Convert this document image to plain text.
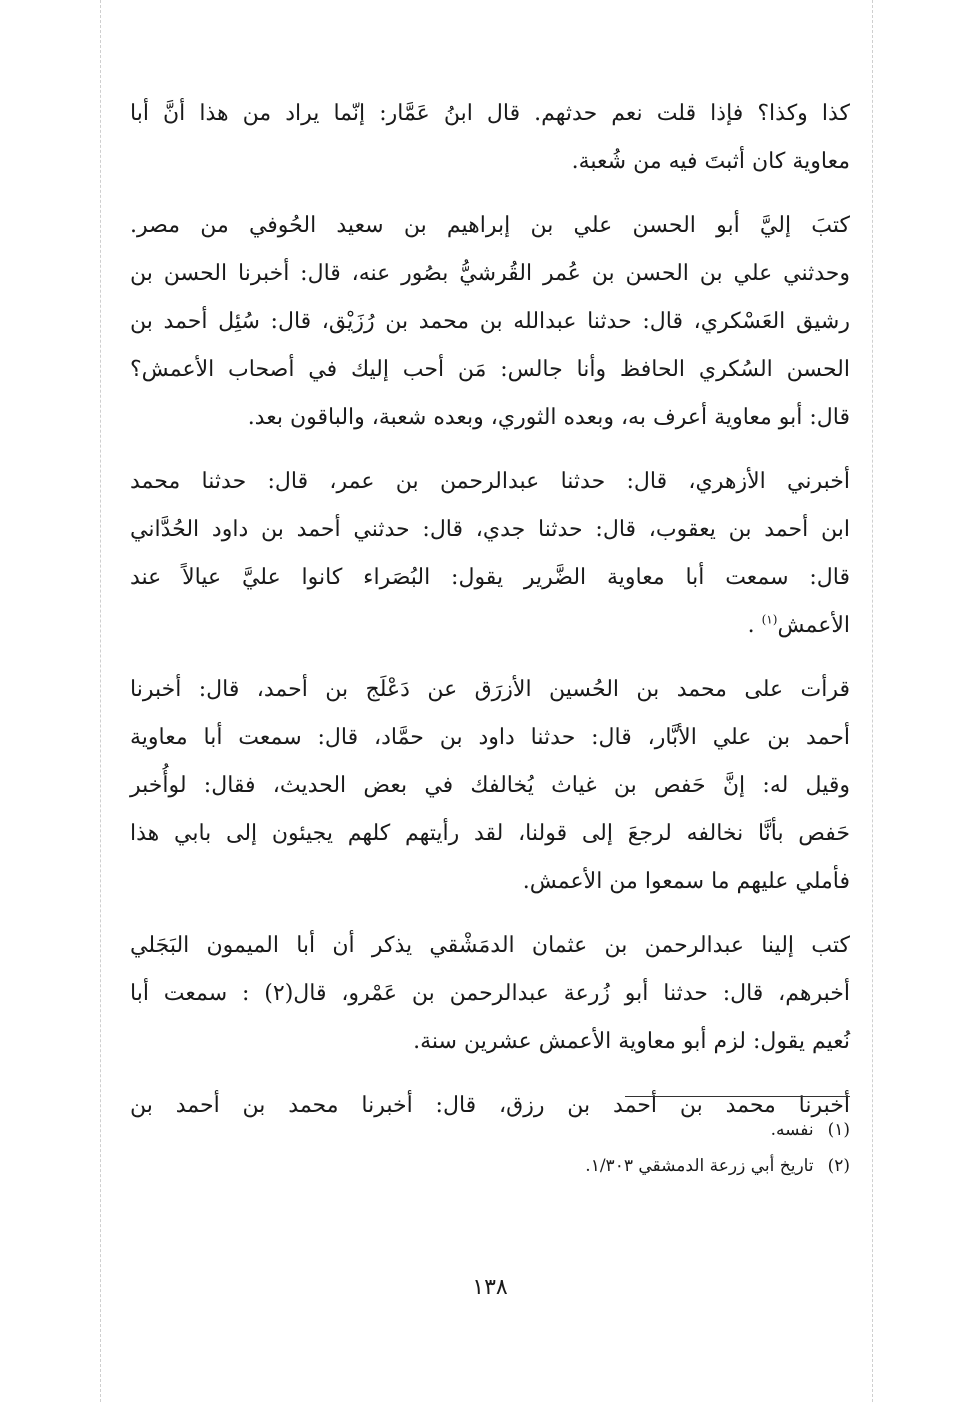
كذا وكذا؟ فإذا قلت نعم حدثهم. قال ابنُ عَمَّار: إنّما يراد من هذا أنَّ أبا
معاوية كان أثبتَ فيه من شُعبة.
كتبَ إليَّ أبو الحسن علي بن إبراهيم بن سعيد الحُوفي من مصر.
وحدثني علي بن الحسن بن عُمر القُرشيُّ بصُور عنه، قال: أخبرنا الحسن بن
رشيق العَسْكري، قال: حدثنا عبدالله بن محمد بن رُزَيْق، قال: سُئِل أحمد بن
الحسن السُكري الحافظ وأنا جالس: مَن أحب إليك في أصحاب الأعمش؟
قال: أبو معاوية أعرف به، وبعده الثوري، وبعده شعبة، والباقون بعد.
أخبرني الأزهري، قال: حدثنا عبدالرحمن بن عمر، قال: حدثنا محمد
ابن أحمد بن يعقوب، قال: حدثنا جدي، قال: حدثني أحمد بن داود الحُدَّاني
قال: سمعت أبا معاوية الضَّرير يقول: البُصَراء كانوا عليَّ عيالاً عند
الأعمش$^{(١)}$ .
قرأت على محمد بن الحُسين الأزرَق عن دَعْلَج بن أحمد، قال: أخبرنا
أحمد بن علي الأبَّار، قال: حدثنا داود بن حمَّاد، قال: سمعت أبا معاوية
وقيل له: إنَّ حَفص بن غياث يُخالفك في بعض الحديث، فقال: لوأُخبر
حَفص بأنَّا نخالفه لرجعَ إلى قولنا، لقد رأيتهم كلهم يجيئون إلى بابي هذا
فأملي عليهم ما سمعوا من الأعمش.
كتب إلينا عبدالرحمن بن عثمان الدمَشْقي يذكر أن أبا الميمون البَجَلي
أخبرهم، قال: حدثنا أبو زُرعة عبدالرحمن بن عَمْرو، قال(٢) : سمعت أبا
نُعيم يقول: لزم أبو معاوية الأعمش عشرين سنة.
أخبرنا محمد بن أحمد بن رزق، قال: أخبرنا محمد بن أحمد بن
(١)نفسه.
(٢)تاريخ أبي زرعة الدمشقي ١/٣٠٣.
١٣٨
